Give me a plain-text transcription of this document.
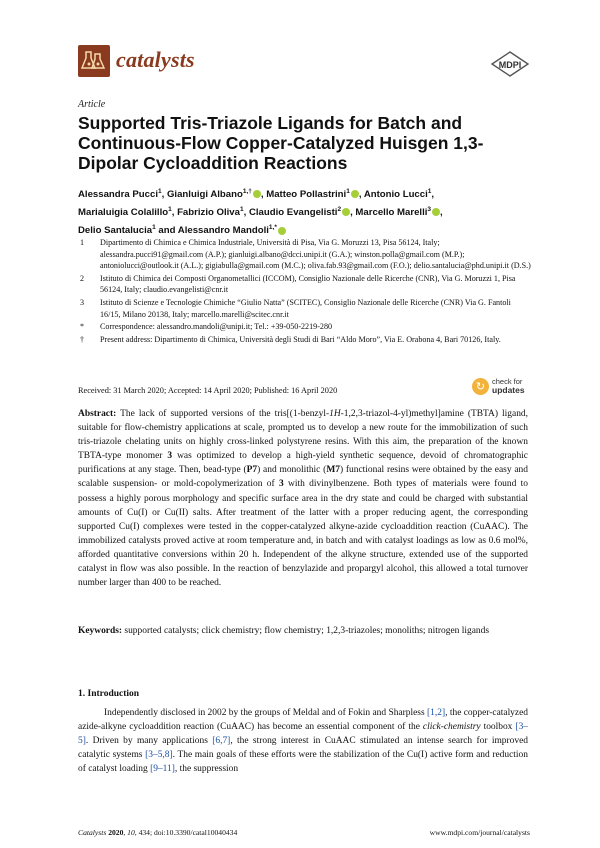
catalysts	MDPI
Article
Supported Tris-Triazole Ligands for Batch and Continuous-Flow Copper-Catalyzed Huisgen 1,3-Dipolar Cycloaddition Reactions
Alessandra Pucci$^1$, Gianluigi Albano$^{1,\dagger}$ , Matteo Pollastrini$^1$ , Antonio Lucci$^1$,
Marialuigia Colalillo$^1$, Fabrizio Oliva$^1$, Claudio Evangelisti$^2$ , Marcello Marelli$^3$ ,
Delio Santalucia$^1$ and Alessandro Mandoli$^{1,*}$
1 Dipartimento di Chimica e Chimica Industriale, Università di Pisa, Via G. Moruzzi 13, Pisa 56124, Italy; alessandra.pucci91@gmail.com (A.P.); gianluigi.albano@dcci.unipi.it (G.A.); winston.polla@gmail.com (M.P.); antoniolucci@outlook.it (A.L.); gigiabulla@gmail.com (M.C.); oliva.fab.93@gmail.com (F.O.); delio.santalucia@phd.unipi.it (D.S.)
2 Istituto di Chimica dei Composti Organometallici (ICCOM), Consiglio Nazionale delle Ricerche (CNR), Via G. Moruzzi 1, Pisa 56124, Italy; claudio.evangelisti@cnr.it
3 Istituto di Scienze e Tecnologie Chimiche “Giulio Natta” (SCITEC), Consiglio Nazionale delle Ricerche (CNR) Via G. Fantoli 16/15, Milano 20138, Italy; marcello.marelli@scitec.cnr.it
* Correspondence: alessandro.mandoli@unipi.it; Tel.: +39-050-2219-280
† Present address: Dipartimento di Chimica, Università degli Studi di Bari “Aldo Moro”, Via E. Orabona 4, Bari 70126, Italy.
Received: 31 March 2020; Accepted: 14 April 2020; Published: 16 April 2020	↻ check for
updates

Abstract: The lack of supported versions of the tris[(1-benzyl-1H-1,2,3-triazol-4-yl)methyl]amine (TBTA) ligand, suitable for flow-chemistry applications at scale, prompted us to develop a new route for the immobilization of such tris-triazole chelating units on highly cross-linked polystyrene resins. With this aim, the preparation of the known TBTA-type monomer 3 was optimized to develop a high-yield synthetic sequence, devoid of chromatographic purifications at any stage. Then, bead-type (P7) and monolithic (M7) functional resins were obtained by the easy and scalable suspension- or mold-copolymerization of 3 with divinylbenzene. Both types of materials were found to possess a highly porous morphology and specific surface area in the dry state and could be charged with substantial amounts of Cu(I) or Cu(II) salts. After treatment of the latter with a proper reducing agent, the corresponding supported Cu(I) complexes were tested in the copper-catalyzed alkyne-azide cycloaddition reaction (CuAAC). The immobilized catalysts proved active at room temperature and, in batch and with catalyst loadings as low as 0.6 mol%, afforded quantitative conversions within 20 h. Independent of the alkyne structure, extended use of the supported catalyst in flow was also possible. In the reaction of benzylazide and propargyl alcohol, this allowed a total turnover number larger than 400 to be reached.

Keywords: supported catalysts; click chemistry; flow chemistry; 1,2,3-triazoles; monoliths; nitrogen ligands

1. Introduction

Independently disclosed in 2002 by the groups of Meldal and of Fokin and Sharpless [1,2], the copper-catalyzed azide-alkyne cycloaddition reaction (CuAAC) has become an essential component of the click-chemistry toolbox [3–5]. Driven by many applications [6,7], the strong interest in CuAAC stimulated an intense search for improved catalytic systems [3–5,8]. The main goals of these efforts were the stabilization of the Cu(I) active form and reduction of catalyst loading [9–11], the suppression

Catalysts 2020, 10, 434; doi:10.3390/catal10040434	www.mdpi.com/journal/catalysts
